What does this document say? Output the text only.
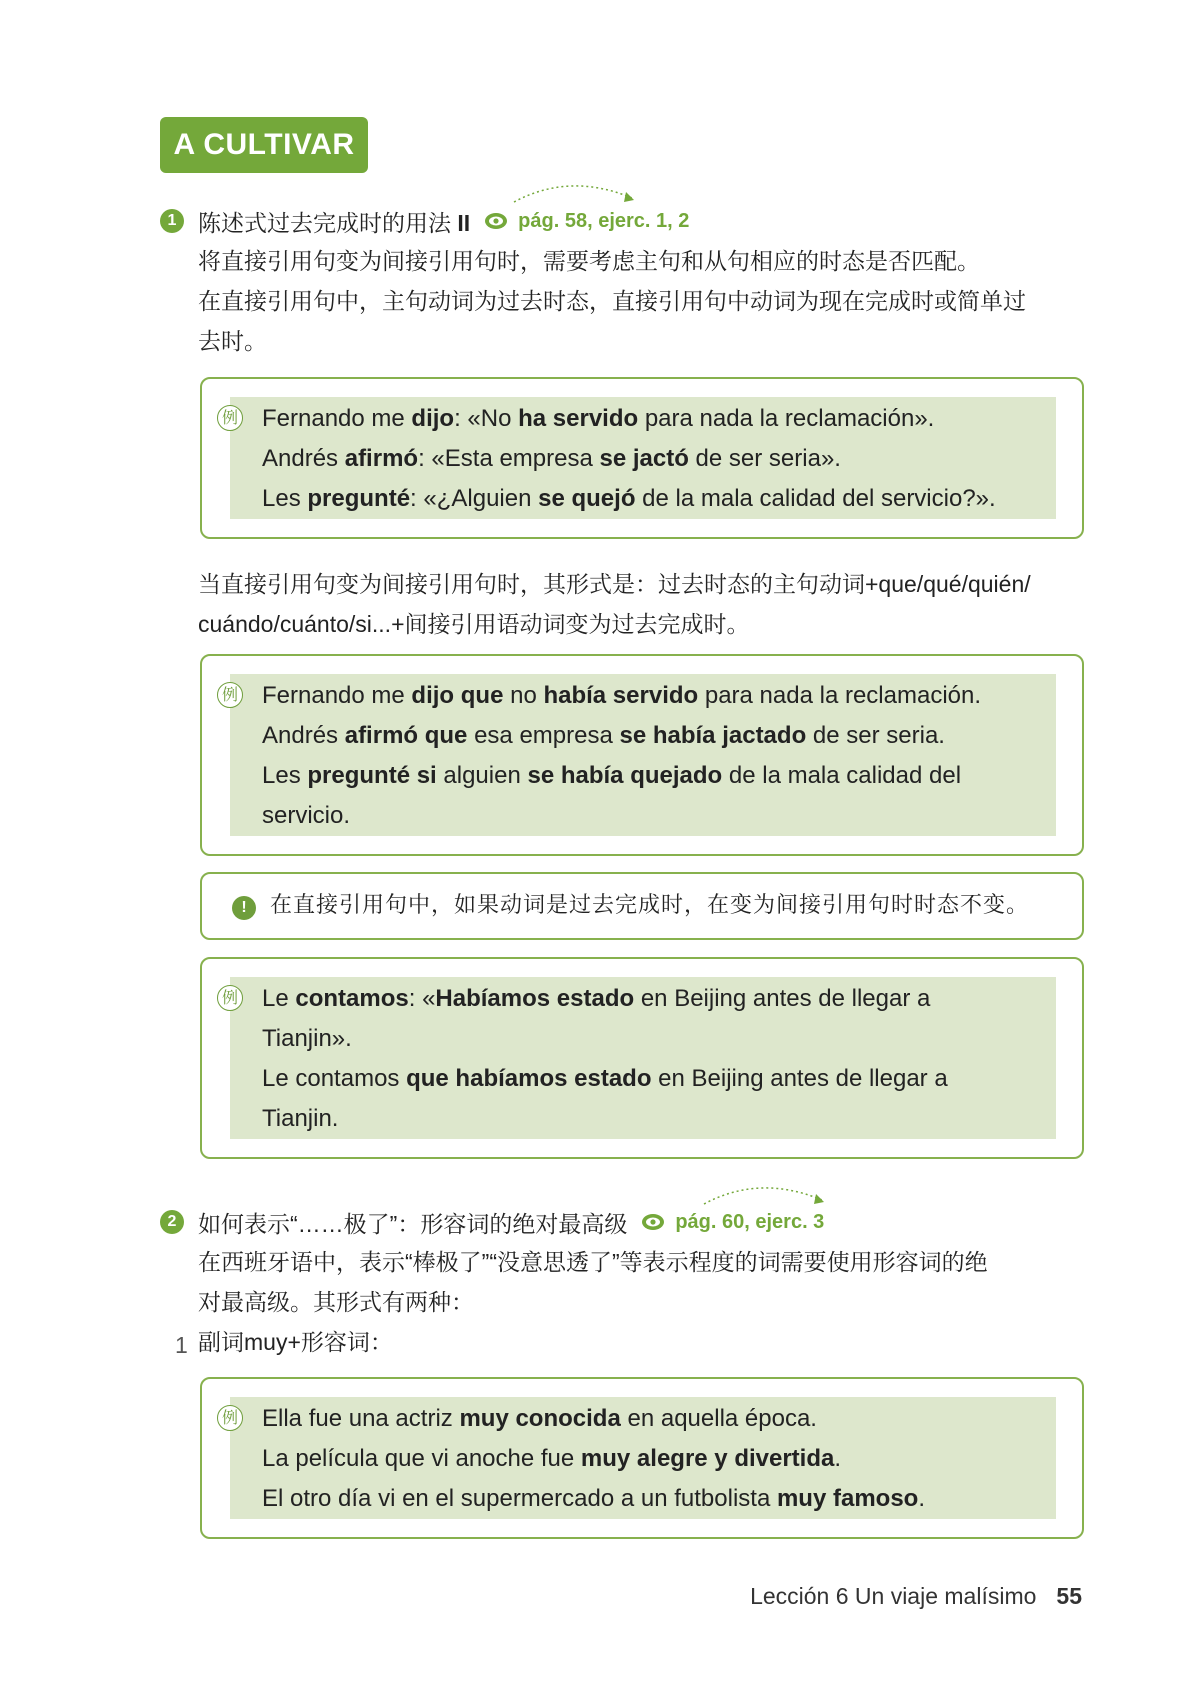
A CULTIVAR
1 陈述式过去完成时的用法 II pág. 58, ejerc. 1, 2

将直接引用句变为间接引用句时，需要考虑主句和从句相应的时态是否匹配。

在直接引用句中，主句动词为过去时态，直接引用句中动词为现在完成时或简单过

去时。

例 Fernando me dijo: «No ha servido para nada la reclamación».
Andrés afirmó: «Esta empresa se jactó de ser seria».
Les pregunté: «¿Alguien se quejó de la mala calidad del servicio?».

当直接引用句变为间接引用句时，其形式是：过去时态的主句动词+que/qué/quién/

cuándo/cuánto/si...+间接引用语动词变为过去完成时。

例 Fernando me dijo que no había servido para nada la reclamación.
Andrés afirmó que esa empresa se había jactado de ser seria.
Les pregunté si alguien se había quejado de la mala calidad del
servicio.
!	在直接引用句中，如果动词是过去完成时，在变为间接引用句时时态不变。
例 Le contamos: «Habíamos estado en Beijing antes de llegar a
Tianjin».
Le contamos que habíamos estado en Beijing antes de llegar a
Tianjin.
2 如何表示“……极了”：形容词的绝对最高级 pág. 60, ejerc. 3

在西班牙语中，表示“棒极了”“没意思透了”等表示程度的词需要使用形容词的绝

对最高级。其形式有两种：

1 副词muy+形容词：

例 Ella fue una actriz muy conocida en aquella época.
La película que vi anoche fue muy alegre y divertida.
El otro día vi en el supermercado a un futbolista muy famoso.
Lección 6 Un viaje malísimo 55
